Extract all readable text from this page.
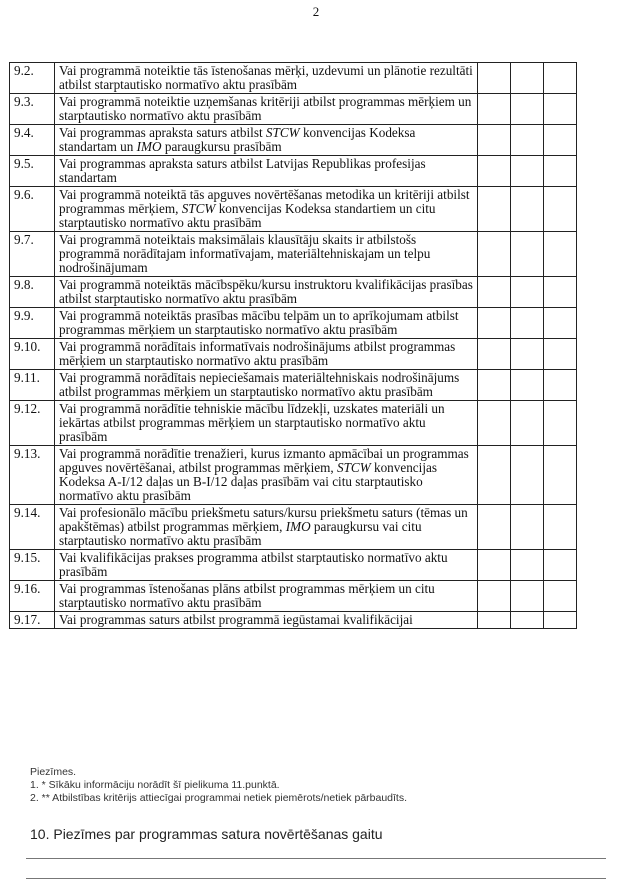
2
9.2.	Vai programmā noteiktie tās īstenošanas mērķi, uzdevumi un plānotie rezultāti atbilst starptautisko normatīvo aktu prasībām			
9.3.	Vai programmā noteiktie uzņemšanas kritēriji atbilst programmas mērķiem un starptautisko normatīvo aktu prasībām			
9.4.	Vai programmas apraksta saturs atbilst STCW konvencijas Kodeksa standartam un IMO paraugkursu prasībām			
9.5.	Vai programmas apraksta saturs atbilst Latvijas Republikas profesijas standartam			
9.6.	Vai programmā noteiktā tās apguves novērtēšanas metodika un kritēriji atbilst programmas mērķiem, STCW konvencijas Kodeksa standartiem un citu starptautisko normatīvo aktu prasībām			
9.7.	Vai programmā noteiktais maksimālais klausītāju skaits ir atbilstošs programmā norādītajam informatīvajam, materiāltehniskajam un telpu nodrošinājumam			
9.8.	Vai programmā noteiktās mācībspēku/kursu instruktoru kvalifikācijas prasības atbilst starptautisko normatīvo aktu prasībām			
9.9.	Vai programmā noteiktās prasības mācību telpām un to aprīkojumam atbilst programmas mērķiem un starptautisko normatīvo aktu prasībām			
9.10.	Vai programmā norādītais informatīvais nodrošinājums atbilst programmas mērķiem un starptautisko normatīvo aktu prasībām			
9.11.	Vai programmā norādītais nepieciešamais materiāltehniskais nodrošinājums atbilst programmas mērķiem un starptautisko normatīvo aktu prasībām			
9.12.	Vai programmā norādītie tehniskie mācību līdzekļi, uzskates materiāli un iekārtas atbilst programmas mērķiem un starptautisko normatīvo aktu prasībām			
9.13.	Vai programmā norādītie trenažieri, kurus izmanto apmācībai un programmas apguves novērtēšanai, atbilst programmas mērķiem, STCW konvencijas Kodeksa A-I/12 daļas un B-I/12 daļas prasībām vai citu starptautisko normatīvo aktu prasībām			
9.14.	Vai profesionālo mācību priekšmetu saturs/kursu priekšmetu saturs (tēmas un apakštēmas) atbilst programmas mērķiem, IMO paraugkursu vai citu starptautisko normatīvo aktu prasībām			
9.15.	Vai kvalifikācijas prakses programma atbilst starptautisko normatīvo aktu prasībām			
9.16.	Vai programmas īstenošanas plāns atbilst programmas mērķiem un citu starptautisko normatīvo aktu prasībām			
9.17.	Vai programmas saturs atbilst programmā iegūstamai kvalifikācijai			
Piezīmes.
1. * Sīkāku informāciju norādīt šī pielikuma 11.punktā.
2. ** Atbilstības kritērijs attiecīgai programmai netiek piemērots/netiek pārbaudīts.
10. Piezīmes par programmas satura novērtēšanas gaitu
